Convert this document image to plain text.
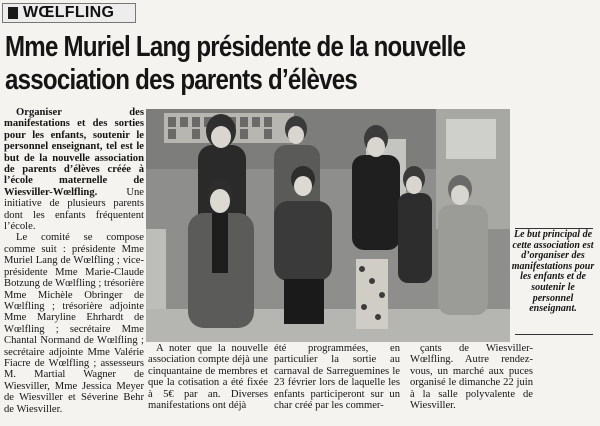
WŒLFLING
Mme Muriel Lang présidente de la nouvelle
association des parents d’élèves

Organiser des manifestations et des sorties pour les enfants, soutenir le personnel enseignant, tel est le but de la nouvelle association de parents d’élèves créée à l’école maternelle de Wiesviller-Wœlfling.	Une initiative de plusieurs parents dont les enfants fréquentent l’école.

Le comité se compose comme suit : présidente Mme Muriel Lang de Wœlfling ; vice-présidente Mme Marie-Claude Botzung de Wœlfling ; trésorière Mme Michèle Obringer de Wœlfling ; trésorière adjointe Mme Maryline Ehrhardt de Wœlfling ; secrétaire Mme Chantal Normand de Wœlfling ; secrétaire adjointe Mme Valérie Fiacre de Wœlfling ; assesseurs M. Martial Wagner de Wiesviller, Mme Jessica Meyer de Wiesviller et Séverine Behr de Wiesviller.

Le but principal de cette association est d’organiser des manifestations pour les enfants et de soutenir le personnel enseignant.

A noter que la nouvelle association compte déjà une cinquantaine de membres et que la cotisation a été fixée à 5€ par an. Diverses manifestations ont déjà

été programmées, en particulier la sortie au carnaval de Sarreguemines le 23 février lors de laquelle les enfants participeront sur un char créé par les commer-

çants de Wiesviller-Wœlfling. Autre rendez-vous, un marché aux puces organisé le dimanche 22 juin à la salle polyvalente de Wiesviller.
